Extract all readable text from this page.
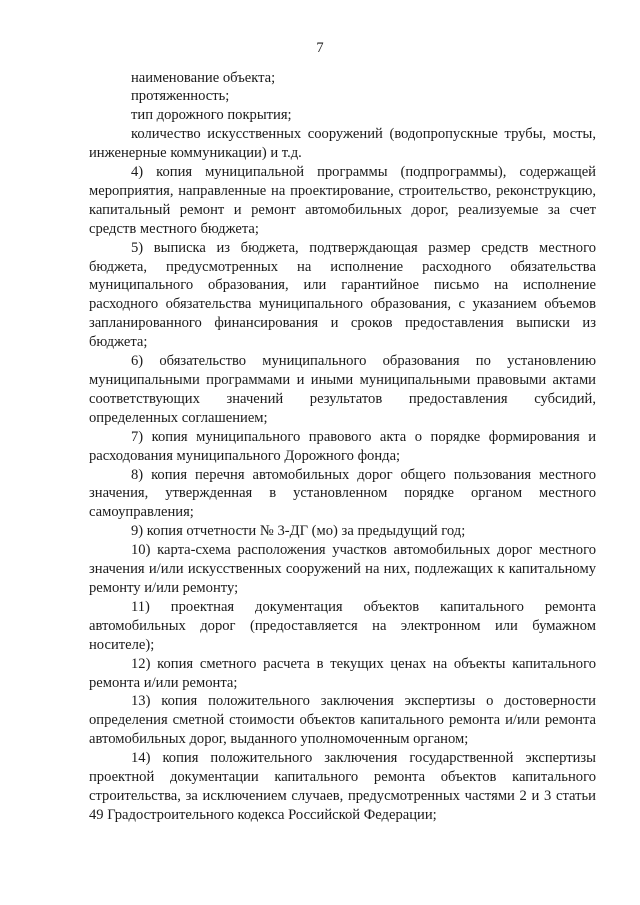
7

наименование объекта;

протяженность;

тип дорожного покрытия;

количество искусственных сооружений (водопропускные трубы, мосты, инженерные коммуникации) и т.д.

4) копия муниципальной программы (подпрограммы), содержащей мероприятия, направленные на проектирование, строительство, реконструкцию, капитальный ремонт и ремонт автомобильных дорог, реализуемые за счет средств местного бюджета;

5) выписка из бюджета, подтверждающая размер средств местного бюджета, предусмотренных на исполнение расходного обязательства муниципального образования, или гарантийное письмо на исполнение расходного обязательства муниципального образования, с указанием объемов запланированного финансирования и сроков предоставления выписки из бюджета;

6) обязательство муниципального образования по установлению муниципальными программами и иными муниципальными правовыми актами соответствующих значений результатов предоставления субсидий, определенных соглашением;

7) копия муниципального правового акта о порядке формирования и расходования муниципального Дорожного фонда;

8) копия перечня автомобильных дорог общего пользования местного значения, утвержденная в установленном порядке органом местного самоуправления;

9) копия отчетности № 3-ДГ (мо) за предыдущий год;

10) карта-схема расположения участков автомобильных дорог местного значения и/или искусственных сооружений на них, подлежащих к капитальному ремонту и/или ремонту;

11) проектная документация объектов капитального ремонта автомобильных дорог (предоставляется на электронном или бумажном носителе);

12) копия сметного расчета в текущих ценах на объекты капитального ремонта и/или ремонта;

13) копия положительного заключения экспертизы о достоверности определения сметной стоимости объектов капитального ремонта и/или ремонта автомобильных дорог, выданного уполномоченным органом;

14) копия положительного заключения государственной экспертизы проектной документации капитального ремонта объектов капитального строительства, за исключением случаев, предусмотренных частями 2 и 3 статьи 49 Градостроительного кодекса Российской Федерации;
